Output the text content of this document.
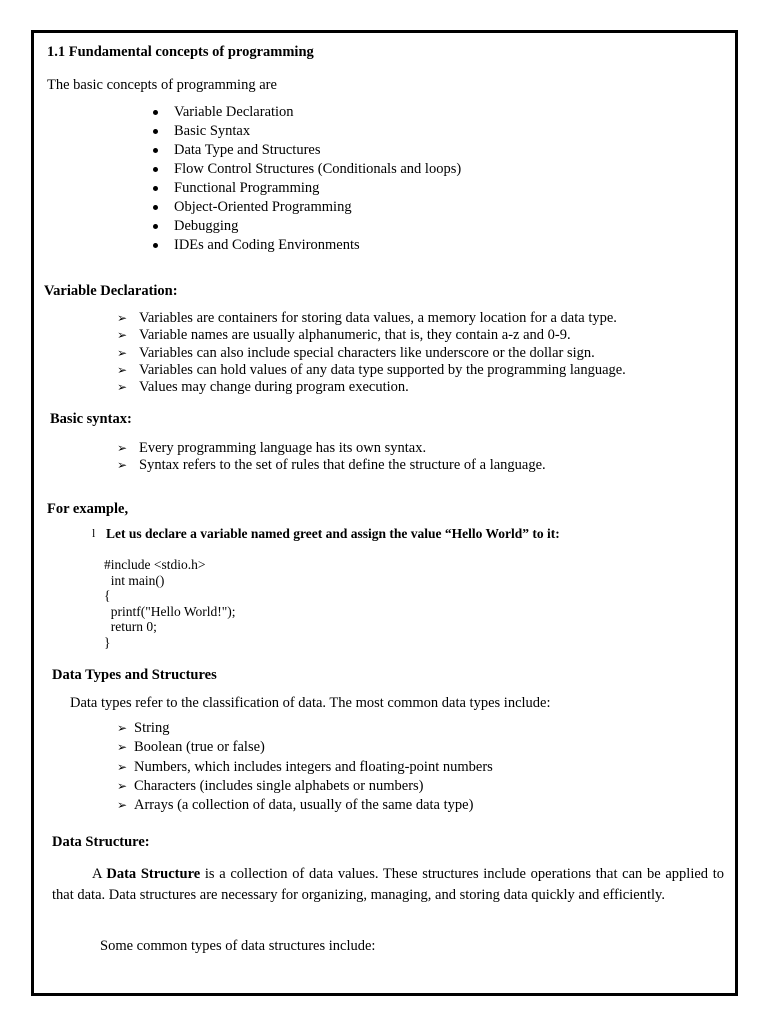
1.1 Fundamental concepts of programming
The basic concepts of programming are
Variable Declaration
Basic Syntax
Data Type and Structures
Flow Control Structures (Conditionals and loops)
Functional Programming
Object-Oriented Programming
Debugging
IDEs and Coding Environments
Variable Declaration:
➢ Variables are containers for storing data values, a memory location for a data type.
➢ Variable names are usually alphanumeric, that is, they contain a-z and 0-9.
➢ Variables can also include special characters like underscore or the dollar sign.
➢ Variables can hold values of any data type supported by the programming language.
➢ Values may change during program execution.
Basic syntax:
➢ Every programming language has its own syntax.
➢ Syntax refers to the set of rules that define the structure of a language.
For example,
l Let us declare a variable named greet and assign the value “Hello World” to it:
#include <stdio.h>
int main()
{
printf("Hello World!");
return 0;
}
Data Types and Structures
Data types refer to the classification of data. The most common data types include:
➢ String
➢ Boolean (true or false)
➢ Numbers, which includes integers and floating-point numbers
➢ Characters (includes single alphabets or numbers)
➢ Arrays (a collection of data, usually of the same data type)
Data Structure:
A Data Structure is a collection of data values. These structures include operations that can be applied to that data. Data structures are necessary for organizing, managing, and storing data quickly and efficiently.
Some common types of data structures include:
